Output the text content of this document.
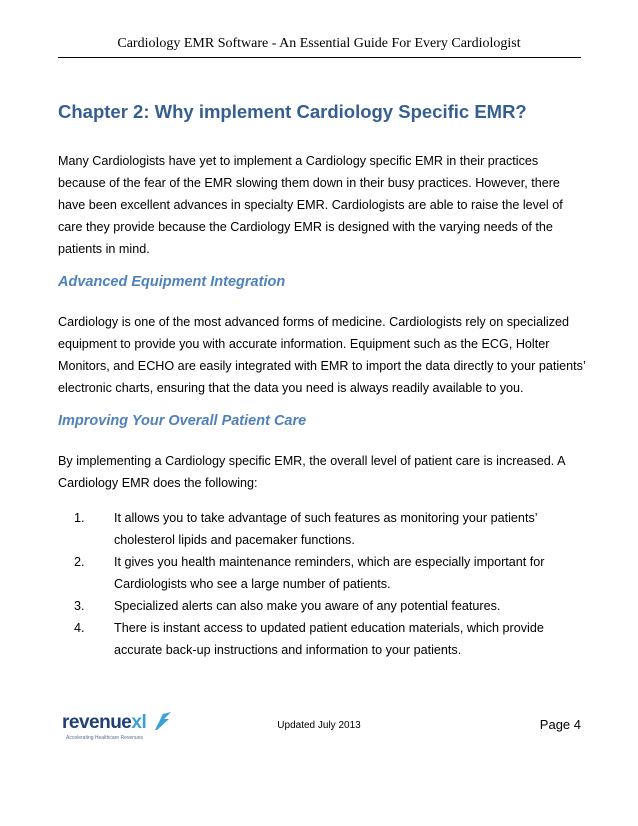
Cardiology EMR Software - An Essential Guide For Every Cardiologist
Chapter 2: Why implement Cardiology Specific EMR?

Many Cardiologists have yet to implement a Cardiology specific EMR in their practices
because of the fear of the EMR slowing them down in their busy practices. However, there
have been excellent advances in specialty EMR. Cardiologists are able to raise the level of
care they provide because the Cardiology EMR is designed with the varying needs of the
patients in mind.

Advanced Equipment Integration

Cardiology is one of the most advanced forms of medicine. Cardiologists rely on specialized
equipment to provide you with accurate information. Equipment such as the ECG, Holter
Monitors, and ECHO are easily integrated with EMR to import the data directly to your patients’
electronic charts, ensuring that the data you need is always readily available to you.

Improving Your Overall Patient Care

By implementing a Cardiology specific EMR, the overall level of patient care is increased. A
Cardiology EMR does the following:

1. It allows you to take advantage of such features as monitoring your patients’
cholesterol lipids and pacemaker functions.
2. It gives you health maintenance reminders, which are especially important for
Cardiologists who see a large number of patients.
3. Specialized alerts can also make you aware of any potential features.
4. There is instant access to updated patient education materials, which provide
accurate back-up instructions and information to your patients.
revenuexl
Accelerating Healthcare Revenues
Updated July 2013	Page 4
